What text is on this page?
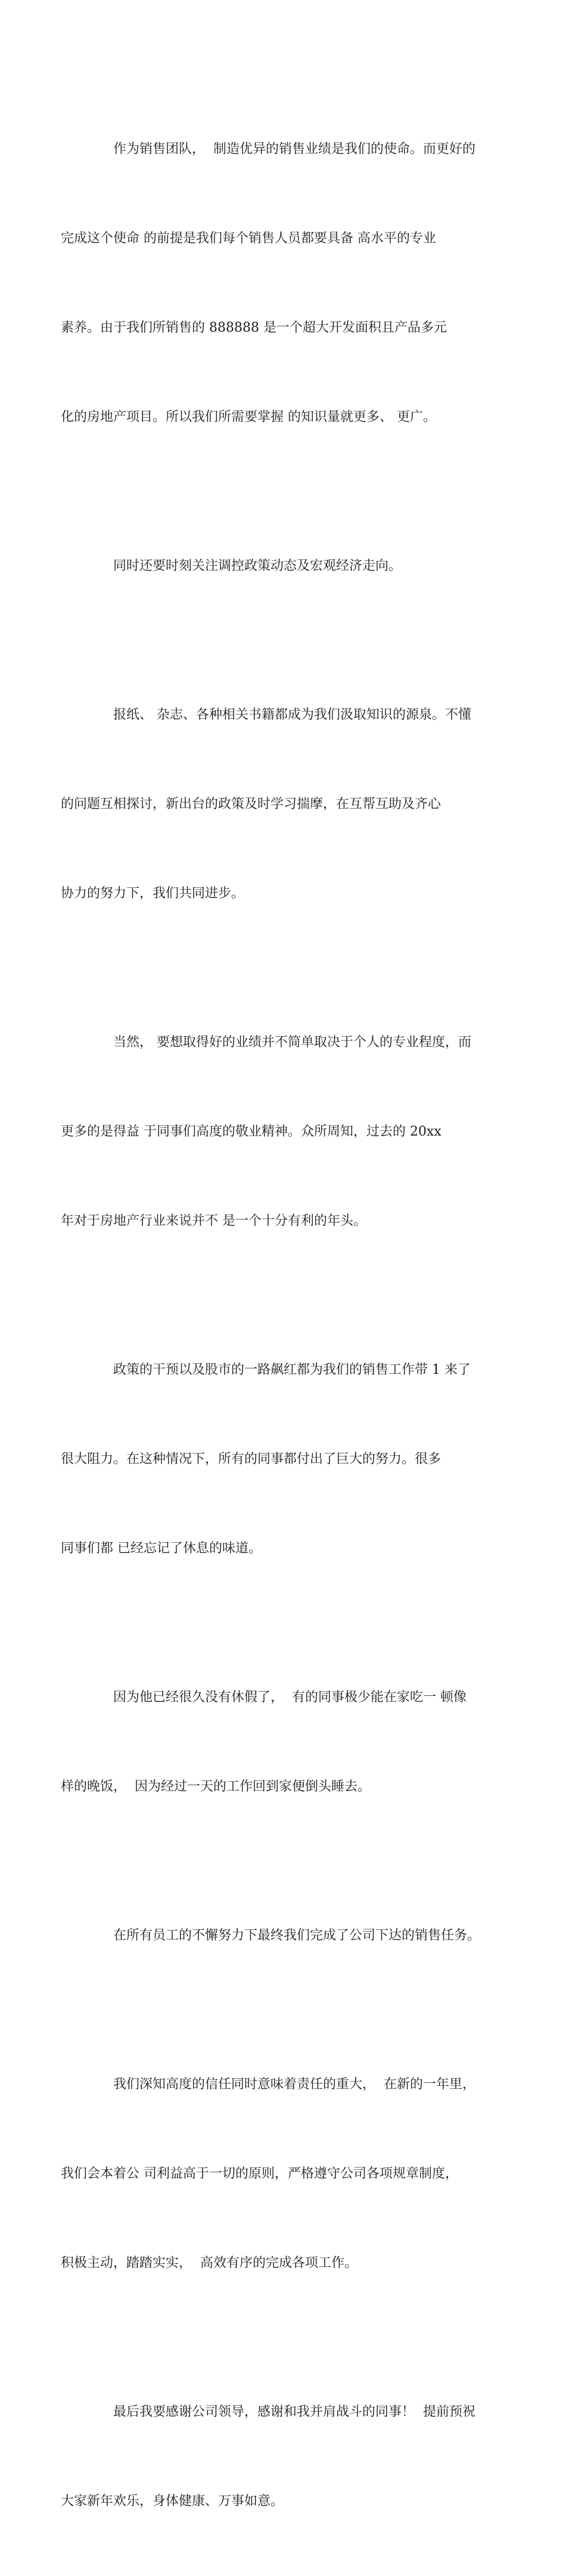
作为销售团队，  制造优异的销售业绩是我们的使命。而更好的

完成这个使命 的前提是我们每个销售人员都要具备 高水平的专业

素养。由于我们所销售的 888888 是一个超大开发面积且产品多元

化的房地产项目。所以我们所需要掌握 的知识量就更多、 更广。

同时还要时刻关注调控政策动态及宏观经济走向。

报纸、 杂志、各种相关书籍都成为我们汲取知识的源泉。不懂

的问题互相探讨，新出台的政策及时学习揣摩，在互帮互助及齐心

协力的努力下，我们共同进步。

当然， 要想取得好的业绩并不简单取决于个人的专业程度，而

更多的是得益 于同事们高度的敬业精神。众所周知，过去的 20xx

年对于房地产行业来说并不 是一个十分有利的年头。

政策的干预以及股市的一路飙红都为我们的销售工作带 1 来了

很大阻力。在这种情况下，所有的同事都付出了巨大的努力。很多

同事们都 已经忘记了休息的味道。

因为他已经很久没有休假了，  有的同事极少能在家吃一 顿像

样的晚饭，  因为经过一天的工作回到家便倒头睡去。

在所有员工的不懈努力下最终我们完成了公司下达的销售任务。

我们深知高度的信任同时意味着责任的重大，  在新的一年里，

我们会本着公 司利益高于一切的原则，严格遵守公司各项规章制度，

积极主动，踏踏实实，  高效有序的完成各项工作。

最后我要感谢公司领导，感谢和我并肩战斗的同事！  提前预祝

大家新年欢乐，身体健康、万事如意。
